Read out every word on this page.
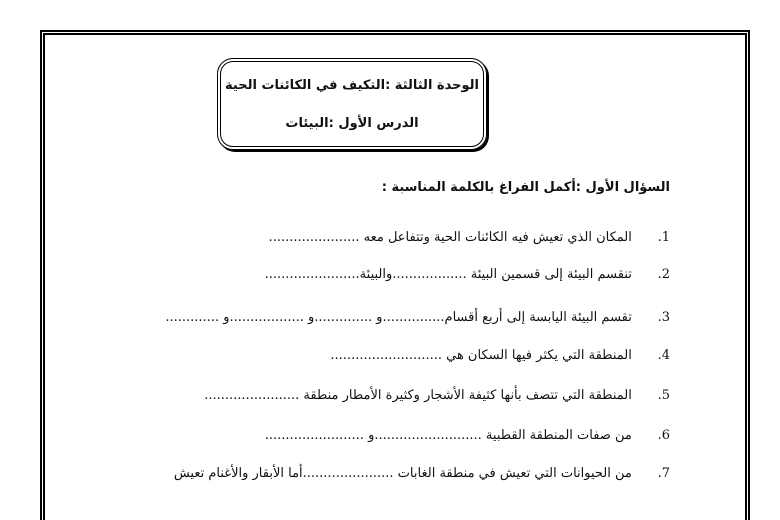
الوحدة الثالثة :التكيف في الكائنات الحية
الدرس الأول :البيئات
السؤال الأول :أكمل الفراغ بالكلمة المناسبة :
1. المكان الذي تعيش فيه الكائنات الحية وتتفاعل معه ......................
2. تنقسم البيئة إلى قسمين البيئة ..................والبيئة.......................
3. تقسم البيئة اليابسة إلى أربع أقسام...............و ..............و ..................و .............
4. المنطقة التي يكثر فيها السكان هي ...........................
5. المنطقة التي تتصف بأنها كثيفة الأشجار وكثيرة الأمطار منطقة .......................
6. من صفات المنطقة القطبية ..........................و ........................
7. من الحيوانات التي تعيش في منطقة الغابات ......................أما الأبقار والأغنام تعيش
